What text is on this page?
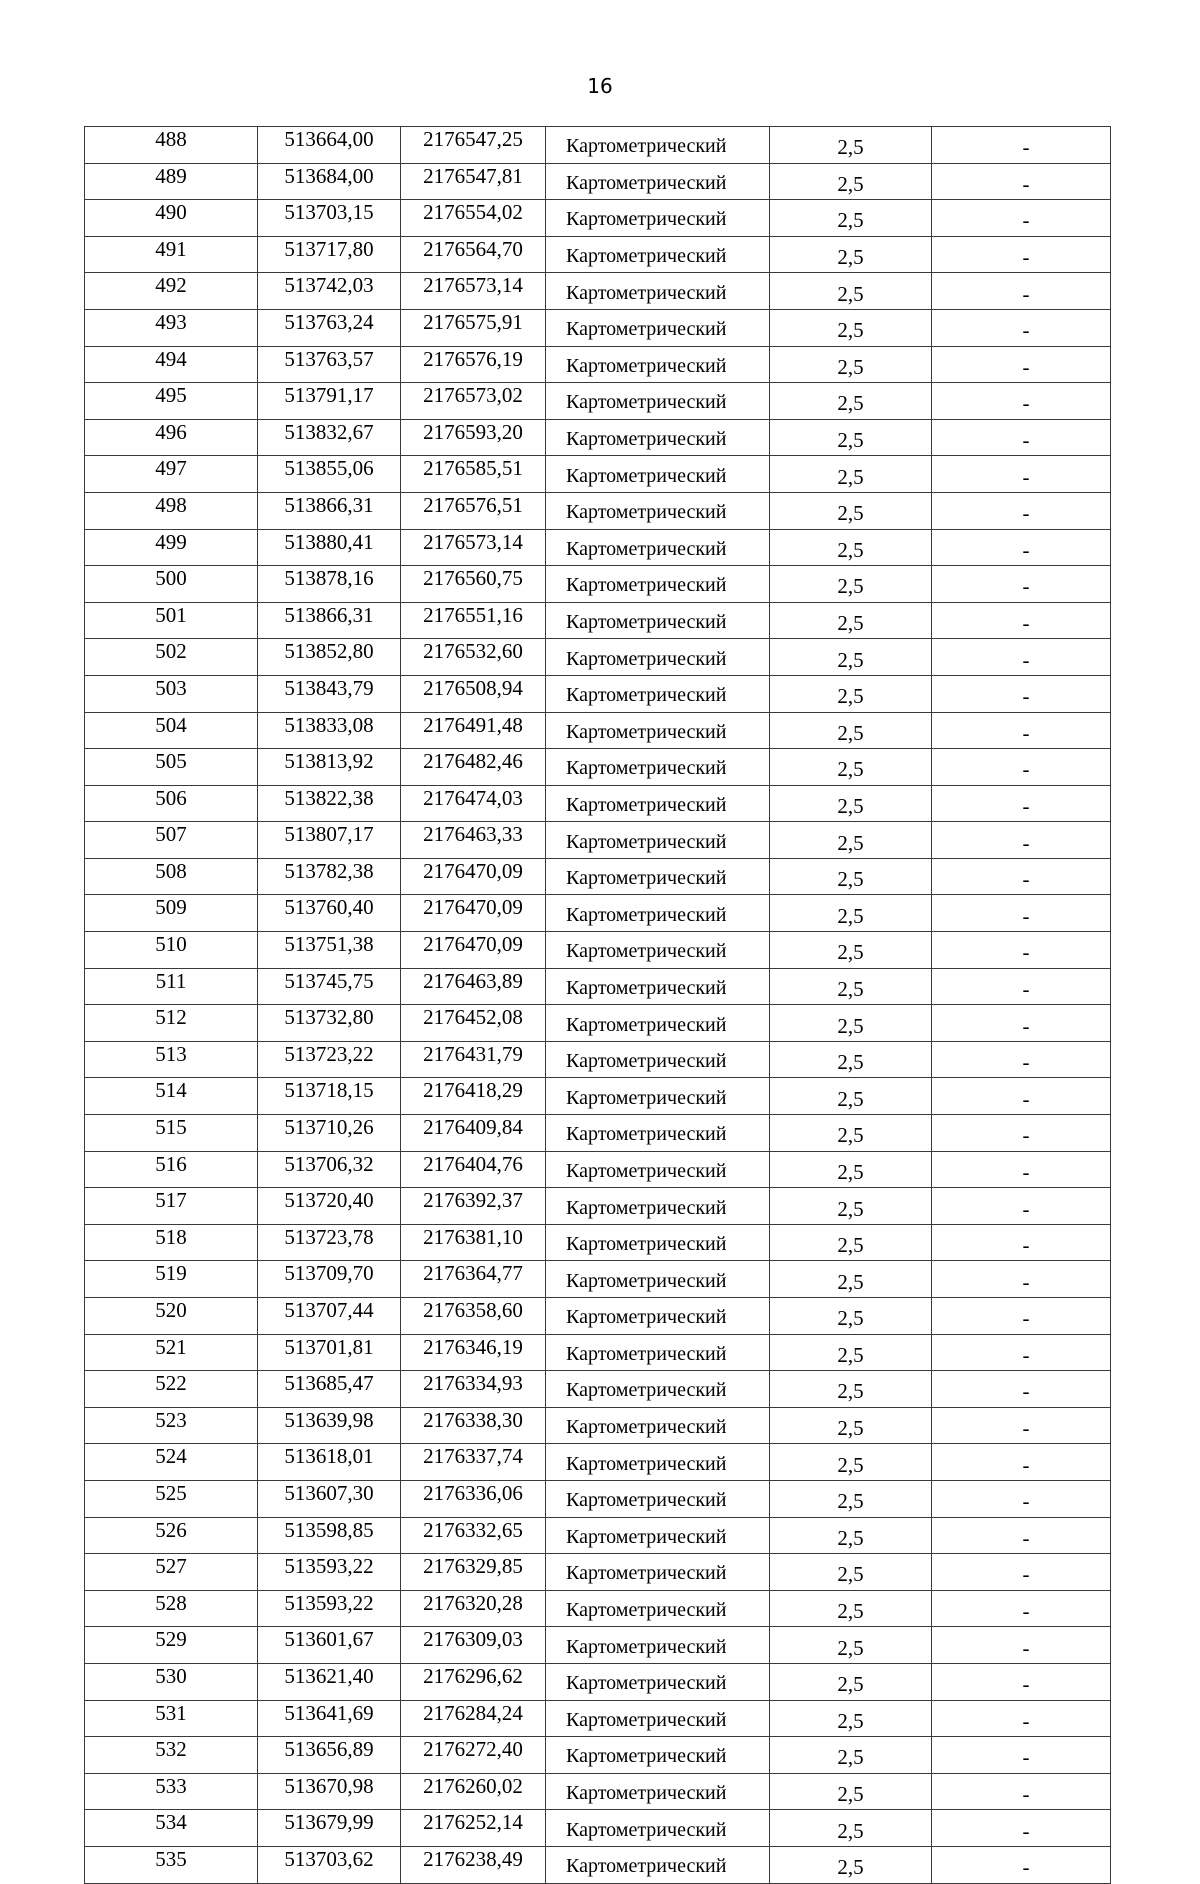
16
488	513664,00	2176547,25	Картометрический	2,5	-
489	513684,00	2176547,81	Картометрический	2,5	-
490	513703,15	2176554,02	Картометрический	2,5	-
491	513717,80	2176564,70	Картометрический	2,5	-
492	513742,03	2176573,14	Картометрический	2,5	-
493	513763,24	2176575,91	Картометрический	2,5	-
494	513763,57	2176576,19	Картометрический	2,5	-
495	513791,17	2176573,02	Картометрический	2,5	-
496	513832,67	2176593,20	Картометрический	2,5	-
497	513855,06	2176585,51	Картометрический	2,5	-
498	513866,31	2176576,51	Картометрический	2,5	-
499	513880,41	2176573,14	Картометрический	2,5	-
500	513878,16	2176560,75	Картометрический	2,5	-
501	513866,31	2176551,16	Картометрический	2,5	-
502	513852,80	2176532,60	Картометрический	2,5	-
503	513843,79	2176508,94	Картометрический	2,5	-
504	513833,08	2176491,48	Картометрический	2,5	-
505	513813,92	2176482,46	Картометрический	2,5	-
506	513822,38	2176474,03	Картометрический	2,5	-
507	513807,17	2176463,33	Картометрический	2,5	-
508	513782,38	2176470,09	Картометрический	2,5	-
509	513760,40	2176470,09	Картометрический	2,5	-
510	513751,38	2176470,09	Картометрический	2,5	-
511	513745,75	2176463,89	Картометрический	2,5	-
512	513732,80	2176452,08	Картометрический	2,5	-
513	513723,22	2176431,79	Картометрический	2,5	-
514	513718,15	2176418,29	Картометрический	2,5	-
515	513710,26	2176409,84	Картометрический	2,5	-
516	513706,32	2176404,76	Картометрический	2,5	-
517	513720,40	2176392,37	Картометрический	2,5	-
518	513723,78	2176381,10	Картометрический	2,5	-
519	513709,70	2176364,77	Картометрический	2,5	-
520	513707,44	2176358,60	Картометрический	2,5	-
521	513701,81	2176346,19	Картометрический	2,5	-
522	513685,47	2176334,93	Картометрический	2,5	-
523	513639,98	2176338,30	Картометрический	2,5	-
524	513618,01	2176337,74	Картометрический	2,5	-
525	513607,30	2176336,06	Картометрический	2,5	-
526	513598,85	2176332,65	Картометрический	2,5	-
527	513593,22	2176329,85	Картометрический	2,5	-
528	513593,22	2176320,28	Картометрический	2,5	-
529	513601,67	2176309,03	Картометрический	2,5	-
530	513621,40	2176296,62	Картометрический	2,5	-
531	513641,69	2176284,24	Картометрический	2,5	-
532	513656,89	2176272,40	Картометрический	2,5	-
533	513670,98	2176260,02	Картометрический	2,5	-
534	513679,99	2176252,14	Картометрический	2,5	-
535	513703,62	2176238,49	Картометрический	2,5	-
